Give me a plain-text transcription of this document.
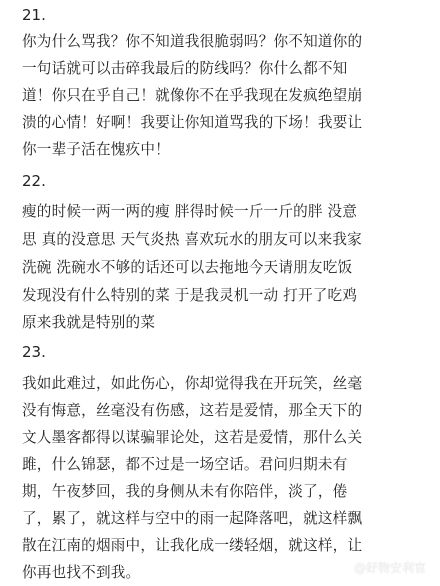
21.
你为什么骂我？你不知道我很脆弱吗？你不知道你的
一句话就可以击碎我最后的防线吗？你什么都不知
道！你只在乎自己！就像你不在乎我现在发疯绝望崩
溃的心情！好啊！我要让你知道骂我的下场！我要让
你一辈子活在愧疚中！
22.
瘦的时候一两一两的瘦 胖得时候一斤一斤的胖 没意
思 真的没意思 天气炎热 喜欢玩水的朋友可以来我家
洗碗 洗碗水不够的话还可以去拖地今天请朋友吃饭
发现没有什么特别的菜 于是我灵机一动 打开了吃鸡
原来我就是特别的菜
23.
我如此难过，如此伤心，你却觉得我在开玩笑，丝毫
没有悔意，丝毫没有伤感，这若是爱情，那全天下的
文人墨客都得以谋骗罪论处，这若是爱情，那什么关
雎，什么锦瑟，都不过是一场空话。君问归期未有
期，午夜梦回，我的身侧从未有你陪伴，淡了，倦
了，累了，就这样与空中的雨一起降落吧，就这样飘
散在江南的烟雨中，让我化成一缕轻烟，就这样，让
你再也找不到我。	@好物安利官
